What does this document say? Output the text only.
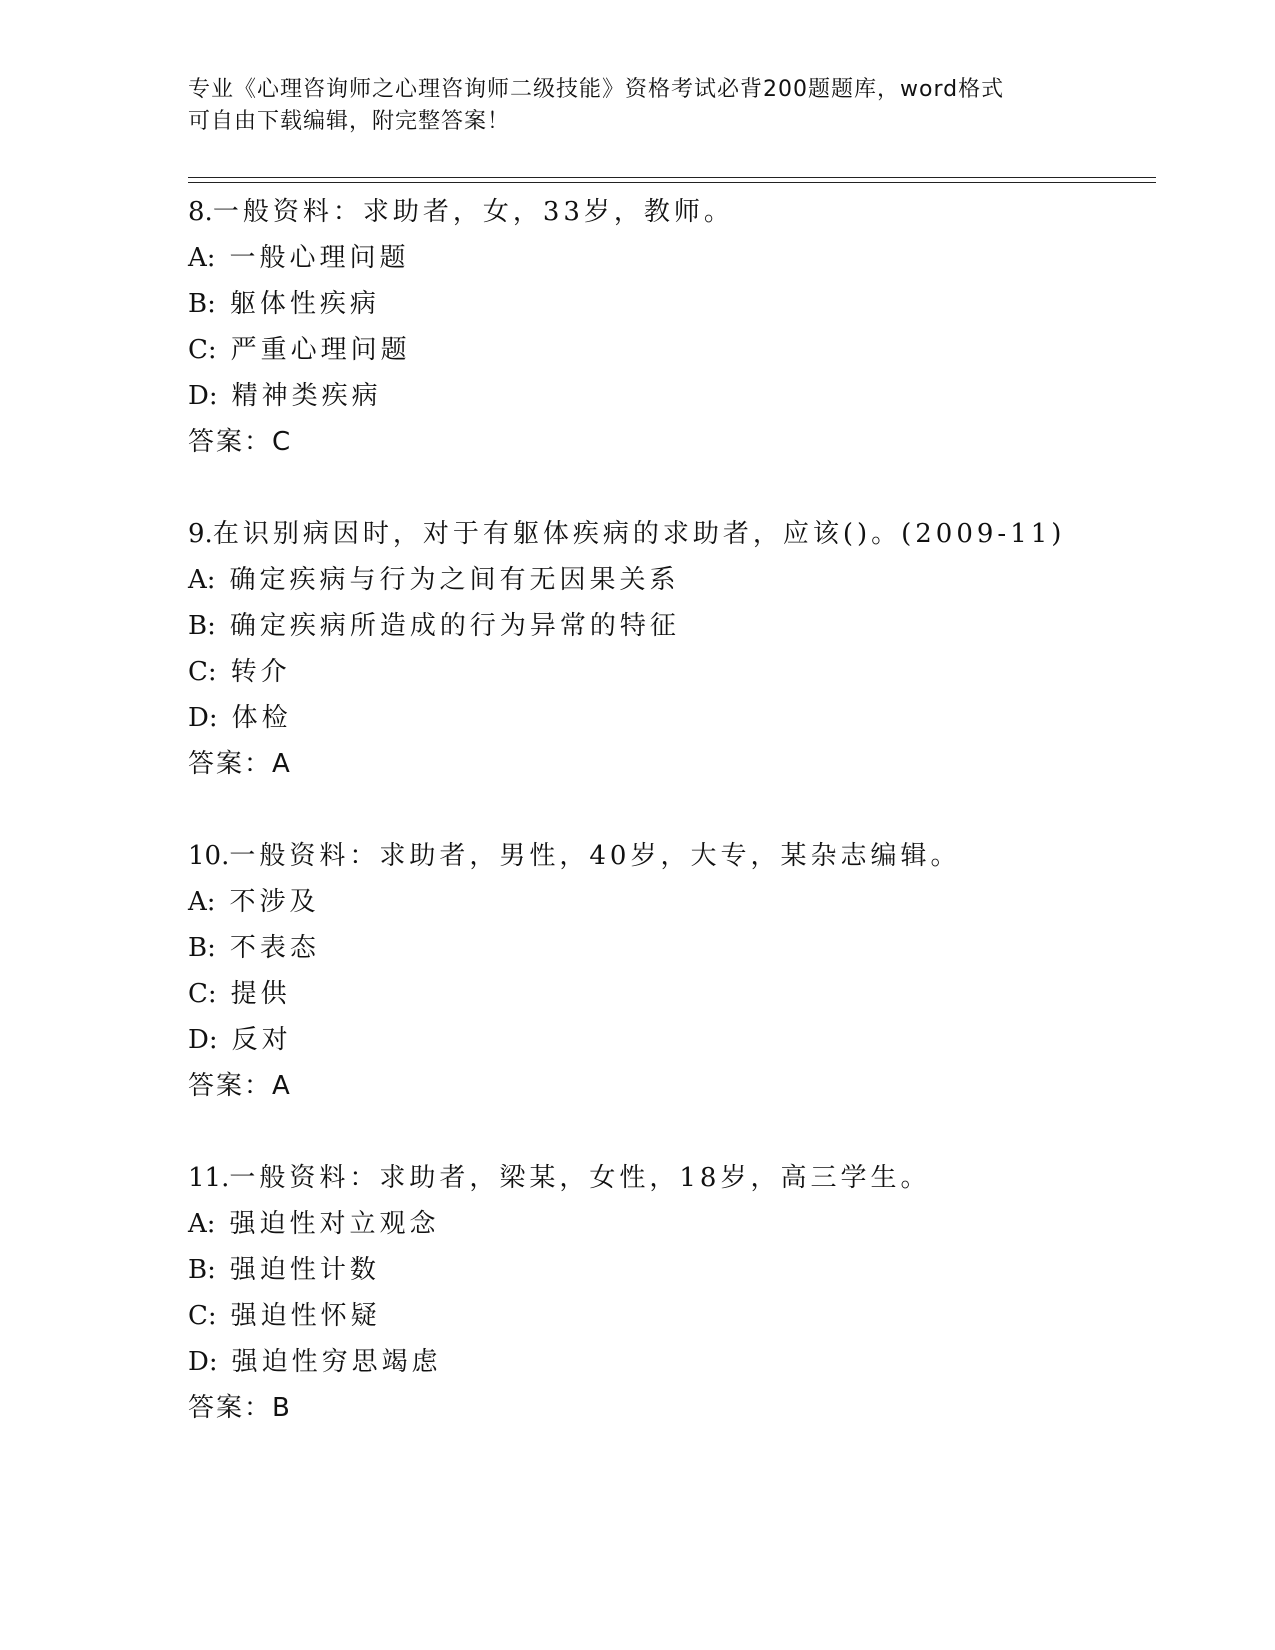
专业《心理咨询师之心理咨询师二级技能》资格考试必背200题题库，word格式
可自由下载编辑，附完整答案！
8.一般资料：求助者，女，33岁，教师。
A: 一般心理问题
B: 躯体性疾病
C: 严重心理问题
D: 精神类疾病
答案：C
9.在识别病因时，对于有躯体疾病的求助者，应该()。(2009-11)
A: 确定疾病与行为之间有无因果关系
B: 确定疾病所造成的行为异常的特征
C: 转介
D: 体检
答案：A
10.一般资料：求助者，男性，40岁，大专，某杂志编辑。
A: 不涉及
B: 不表态
C: 提供
D: 反对
答案：A
11.一般资料：求助者，梁某，女性，18岁，高三学生。
A: 强迫性对立观念
B: 强迫性计数
C: 强迫性怀疑
D: 强迫性穷思竭虑
答案：B
